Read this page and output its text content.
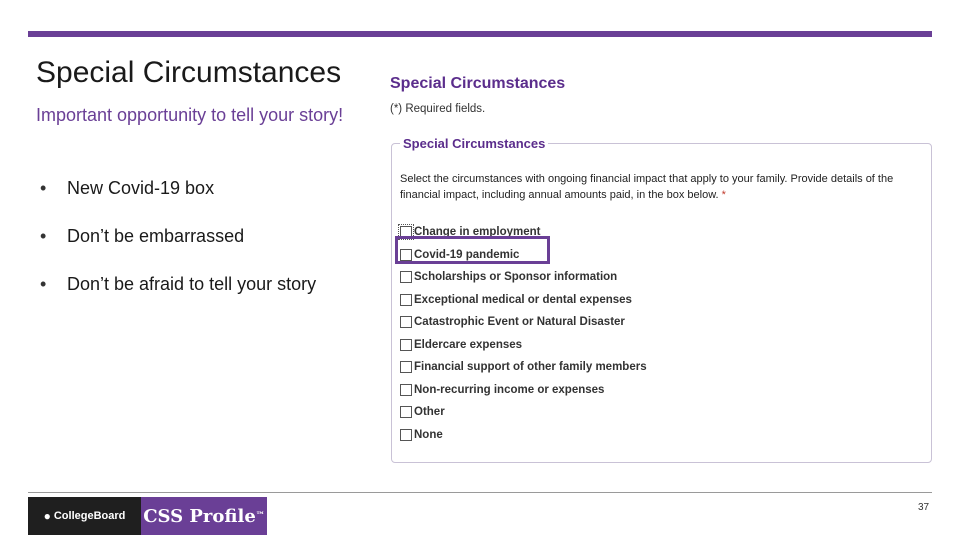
Special Circumstances
Important opportunity to tell your story!
• New Covid-19 box
• Don’t be embarrassed
• Don’t be afraid to tell your story
Special Circumstances
(*) Required fields.
Special Circumstances
Select the circumstances with ongoing financial impact that apply to your family. Provide details of the financial impact, including annual amounts paid, in the box below. *
Change in employment
Covid-19 pandemic
Scholarships or Sponsor information
Exceptional medical or dental expenses
Catastrophic Event or Natural Disaster
Eldercare expenses
Financial support of other family members
Non-recurring income or expenses
Other
None
● CollegeBoard CSS Profile ™
37
